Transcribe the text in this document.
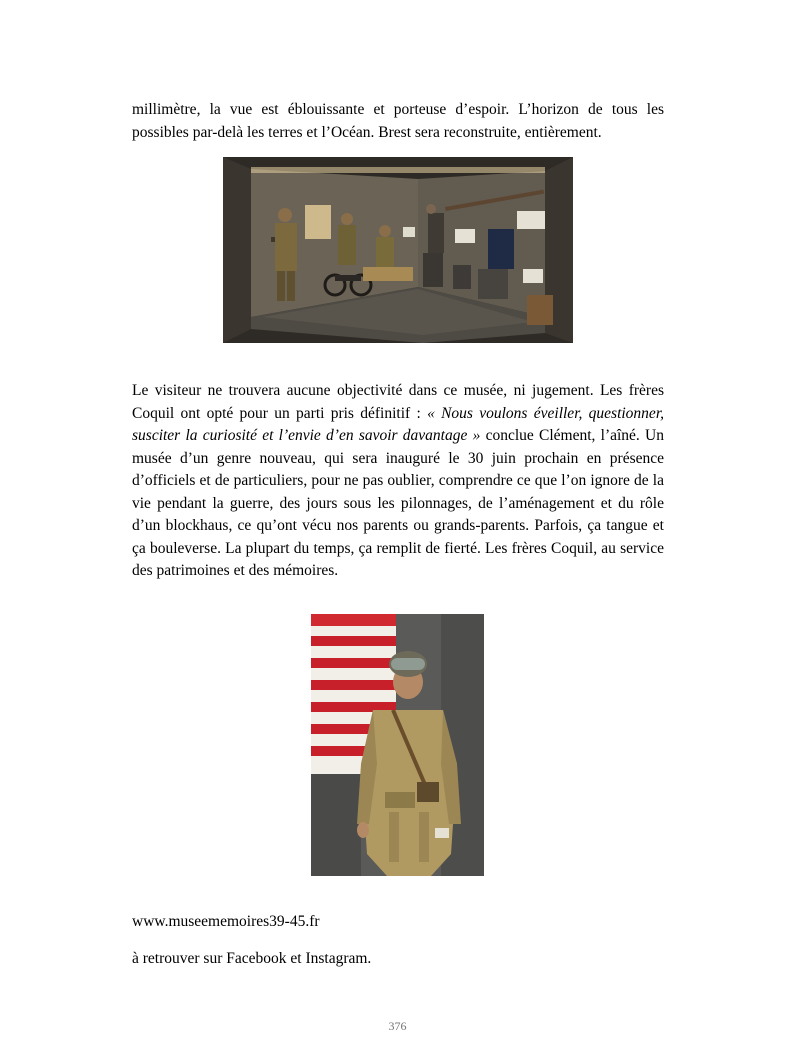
millimètre, la vue est éblouissante et porteuse d’espoir. L’horizon de tous les possibles par-delà les terres et l’Océan. Brest sera reconstruite, entièrement.

Le visiteur ne trouvera aucune objectivité dans ce musée, ni jugement. Les frères Coquil ont opté pour un parti pris définitif : « Nous voulons éveiller, questionner, susciter la curiosité et l’envie d’en savoir davantage » conclue Clément, l’aîné. Un musée d’un genre nouveau, qui sera inauguré le 30 juin prochain en présence d’officiels et de particuliers, pour ne pas oublier, comprendre ce que l’on ignore de la vie pendant la guerre, des jours sous les pilonnages, de l’aménagement et du rôle d’un blockhaus, ce qu’ont vécu nos parents ou grands-parents. Parfois, ça tangue et ça bouleverse. La plupart du temps, ça remplit de fierté. Les frères Coquil, au service des patrimoines et des mémoires.

www.museememoires39-45.fr

à retrouver sur Facebook et Instagram.

376
